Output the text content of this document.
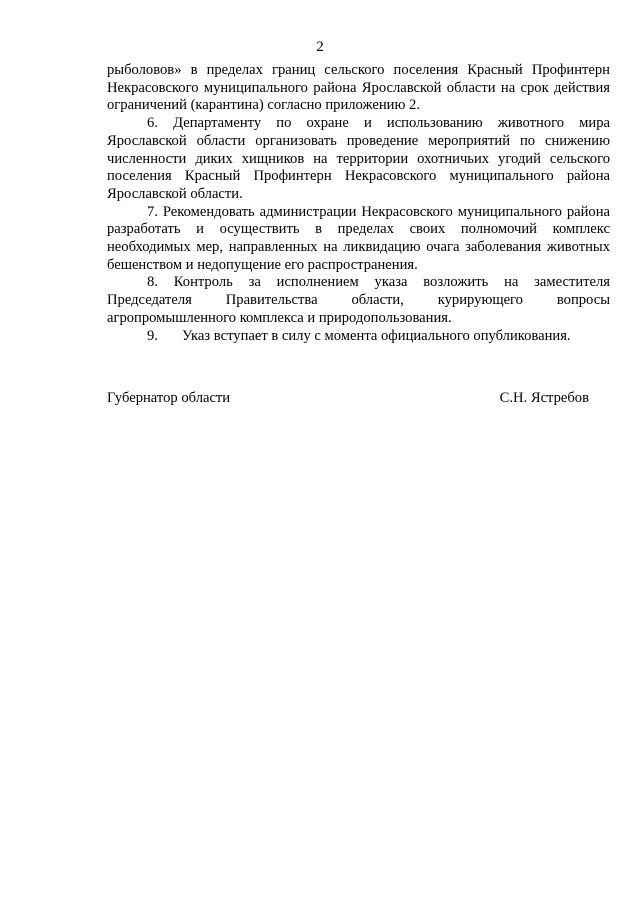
2

рыболовов» в пределах границ сельского поселения Красный Профинтерн Некрасовского муниципального района Ярославской области на срок действия ограничений (карантина) согласно приложению 2.

6. Департаменту по охране и использованию животного мира Ярославской области организовать проведение мероприятий по снижению численности диких хищников на территории охотничьих угодий сельского поселения Красный Профинтерн Некрасовского муниципального района Ярославской области.

7. Рекомендовать администрации Некрасовского муниципального района разработать и осуществить в пределах своих полномочий комплекс необходимых мер, направленных на ликвидацию очага заболевания животных бешенством и недопущение его распространения.

8. Контроль за исполнением указа возложить на заместителя Председателя Правительства области, курирующего вопросы агропромышленного комплекса и природопользования.

9. Указ вступает в силу с момента официального опубликования.

Губернатор области	С.Н. Ястребов
